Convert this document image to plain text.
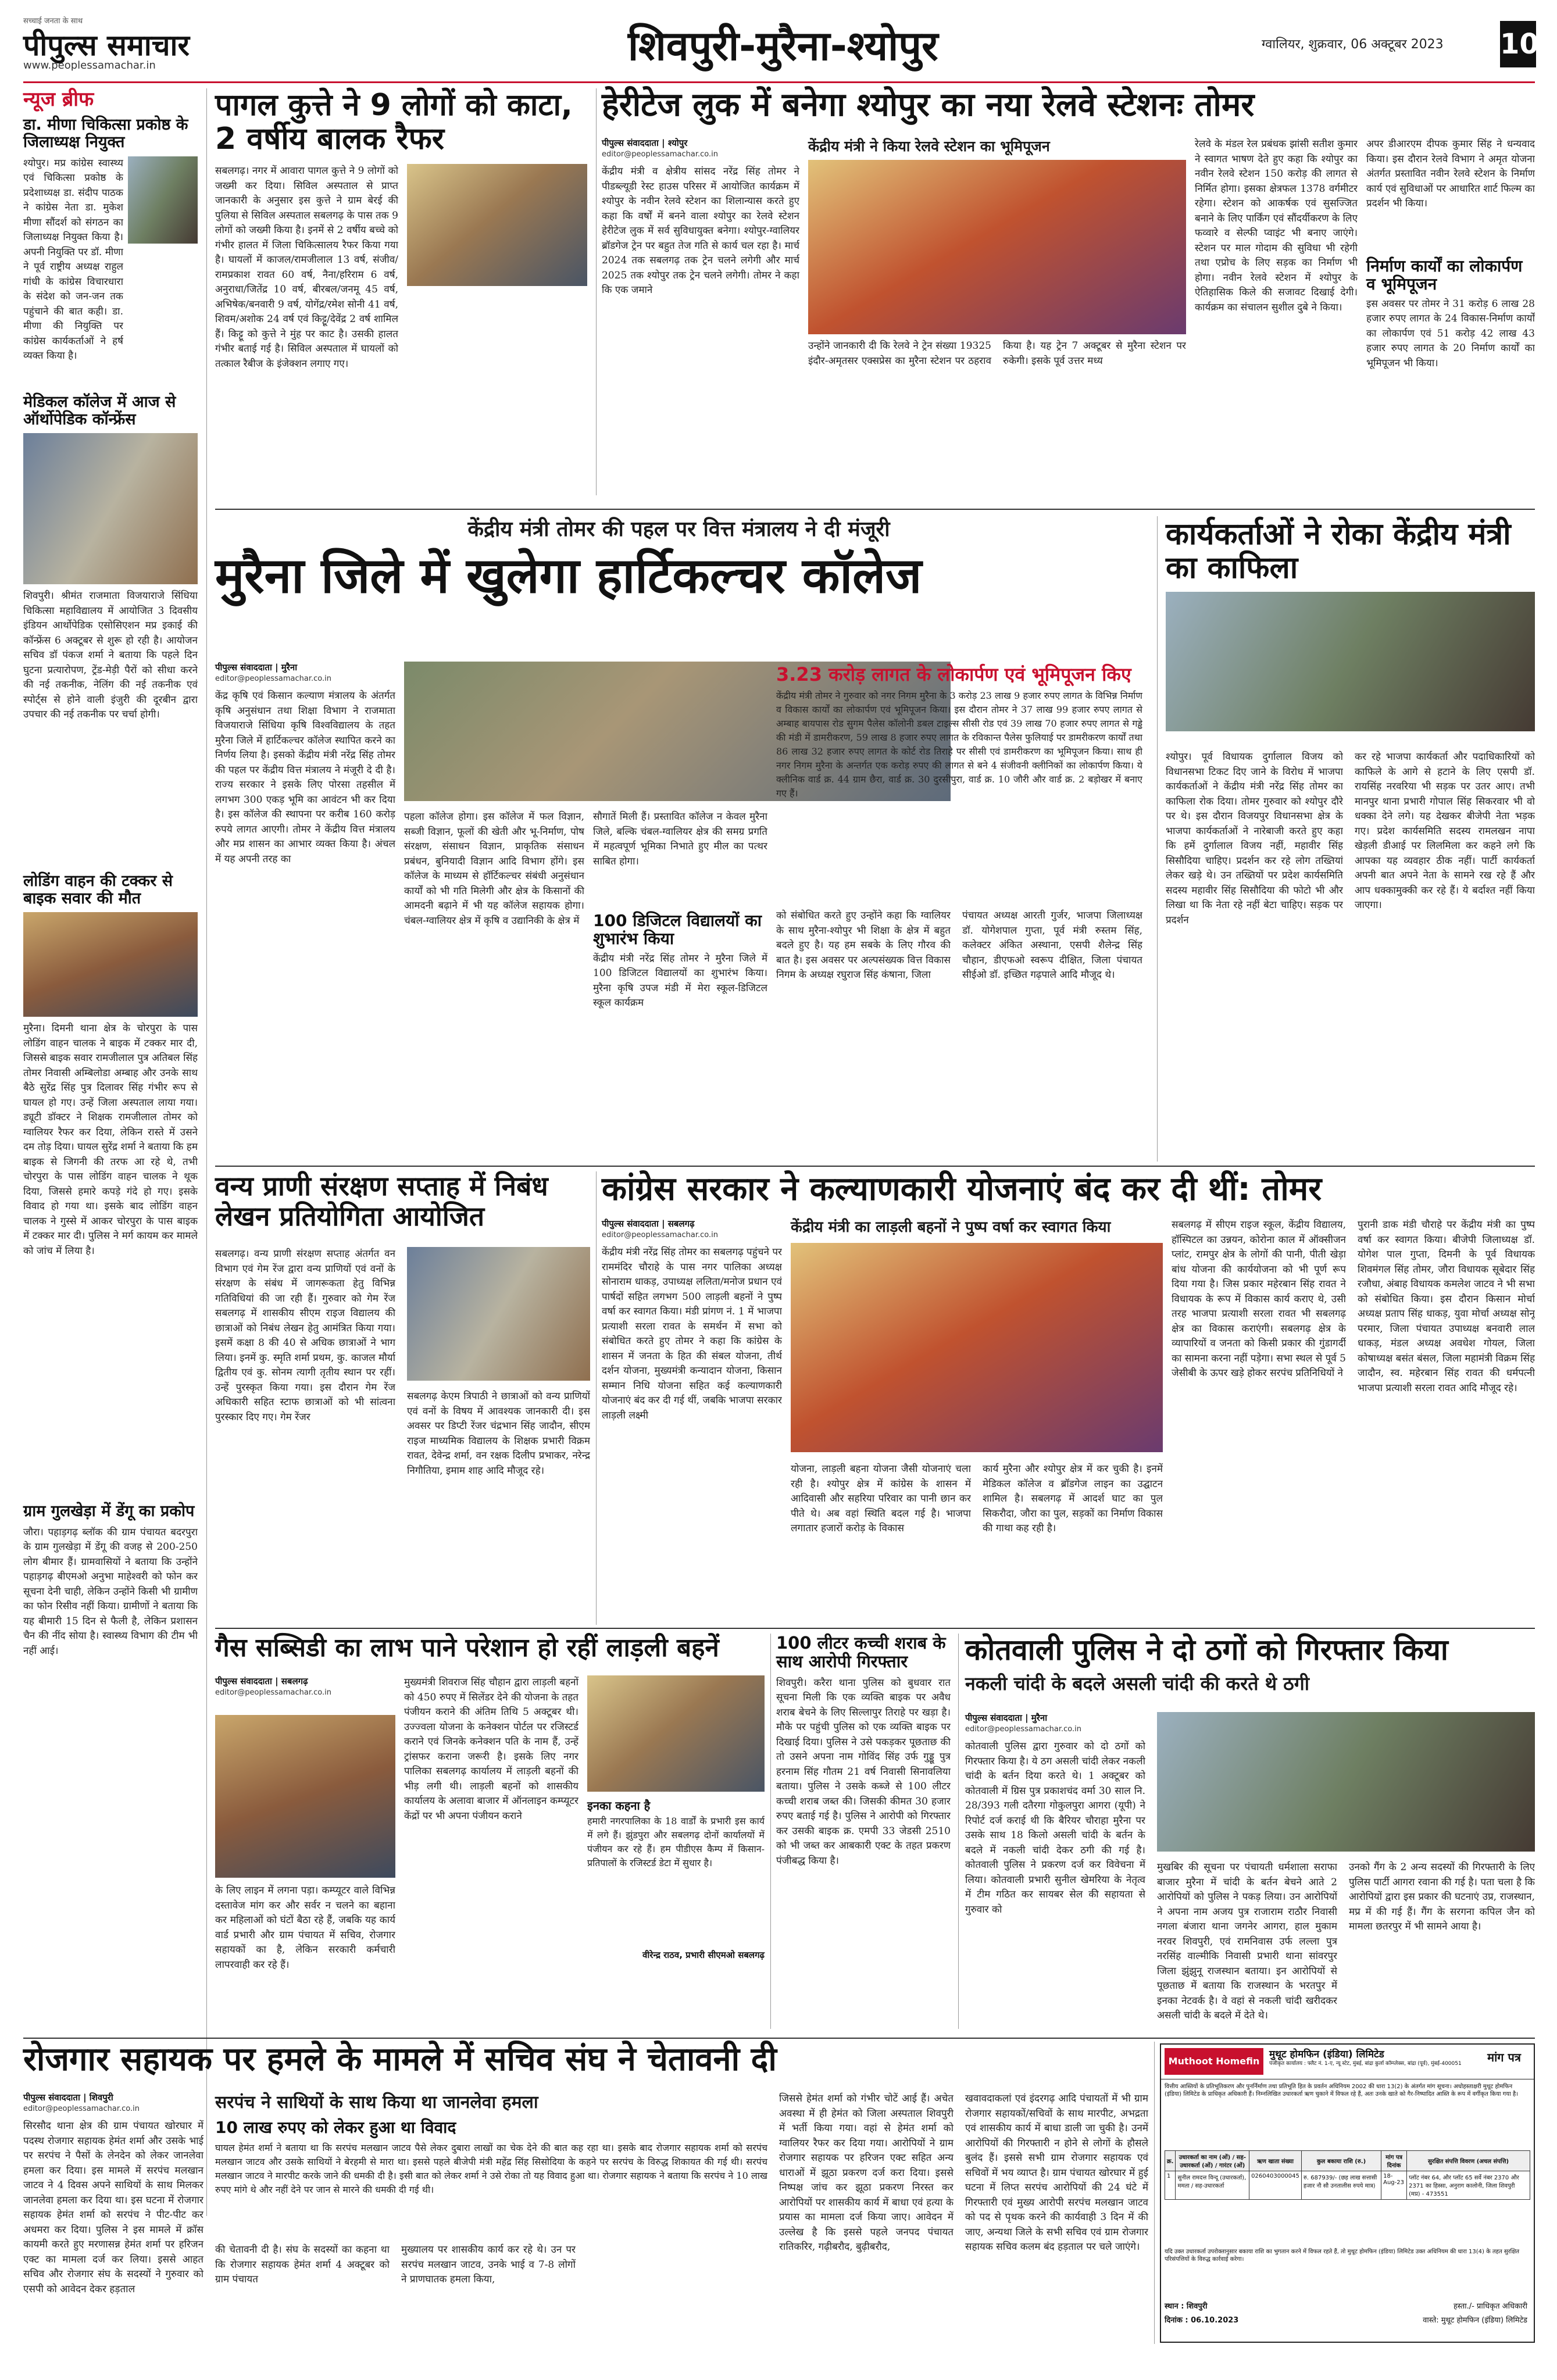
सच्चाई जनता के साथ
पीपुल्स समाचार
www.peoplessamachar.in	शिवपुरी-मुरैना-श्योपुर	ग्वालियर, शुक्रवार, 06 अक्टूबर 2023 10
न्यूज ब्रीफ
डा. मीणा चिकित्सा प्रकोष्ठ के जिलाध्यक्ष नियुक्त
श्योपुर। मप्र कांग्रेस स्वास्थ्य एवं चिकित्सा प्रकोष्ठ के प्रदेशाध्यक्ष डा. संदीप पाठक ने कांग्रेस नेता डा. मुकेश मीणा सौंदर्श को संगठन का जिलाध्यक्ष नियुक्त किया है। अपनी नियुक्ति पर डॉ. मीणा ने पूर्व राष्ट्रीय अध्यक्ष राहुल गांधी के कांग्रेस विचारधारा के संदेश को जन-जन तक पहुंचाने की बात कही। डा. मीणा की नियुक्ति पर कांग्रेस कार्यकर्ताओं ने हर्ष व्यक्त किया है।
मेडिकल कॉलेज में आज से ऑर्थोपेडिक कॉन्फ्रेंस
शिवपुरी। श्रीमंत राजमाता विजयाराजे सिंधिया चिकित्सा महाविद्यालय में आयोजित 3 दिवसीय इंडियन आर्थोपेडिक एसोसिएशन मप्र इकाई की कॉन्फ्रेंस 6 अक्टूबर से शुरू हो रही है। आयोजन सचिव डॉ पंकज शर्मा ने बताया कि पहले दिन घुटना प्रत्यारोपण, ट्रेंड-मेड़ी पैरों को सीधा करने की नई तकनीक, नेलिंग की नई तकनीक एवं स्पोर्ट्स से होने वाली इंजुरी की दूरबीन द्वारा उपचार की नई तकनीक पर चर्चा होगी।
लोडिंग वाहन की टक्कर से बाइक सवार की मौत
मुरैना। दिमनी थाना क्षेत्र के चोरपुरा के पास लोडिंग वाहन चालक ने बाइक में टक्कर मार दी, जिससे बाइक सवार रामजीलाल पुत्र अतिबल सिंह तोमर निवासी अम्बिलोडा अम्बाह और उनके साथ बैठे सुरेंद्र सिंह पुत्र दिलावर सिंह गंभीर रूप से घायल हो गए। उन्हें जिला अस्पताल लाया गया। ड्यूटी डॉक्टर ने शिक्षक रामजीलाल तोमर को ग्वालियर रैफर कर दिया, लेकिन रास्ते में उसने दम तोड़ दिया। घायल सुरेंद्र शर्मा ने बताया कि हम बाइक से जिगनी की तरफ आ रहे थे, तभी चोरपुरा के पास लोडिंग वाहन चालक ने थूक दिया, जिससे हमारे कपड़े गंदे हो गए। इसके विवाद हो गया था। इसके बाद लोडिंग वाहन चालक ने गुस्से में आकर चोरपुरा के पास बाइक में टक्कर मार दी। पुलिस ने मर्ग कायम कर मामले को जांच में लिया है।
ग्राम गुलखेड़ा में डेंगू का प्रकोप
जौरा। पहाड़गढ़ ब्लॉक की ग्राम पंचायत बदरपुरा के ग्राम गुलखेड़ा में डेंगू की वजह से 200-250 लोग बीमार हैं। ग्रामवासियों ने बताया कि उन्होंने पहाड़गढ़ बीएमओ अनुभा माहेश्वरी को फोन कर सूचना देनी चाही, लेकिन उन्होंने किसी भी ग्रामीण का फोन रिसीव नहीं किया। ग्रामीणों ने बताया कि यह बीमारी 15 दिन से फैली है, लेकिन प्रशासन चैन की नींद सोया है। स्वास्थ्य विभाग की टीम भी नहीं आई।
पागल कुत्ते ने 9 लोगों को काटा, 2 वर्षीय बालक रैफर
सबलगढ़। नगर में आवारा पागल कुत्ते ने 9 लोगों को जख्मी कर दिया। सिविल अस्पताल से प्राप्त जानकारी के अनुसार इस कुत्ते ने ग्राम बेरई की पुलिया से सिविल अस्पताल सबलगढ़ के पास तक 9 लोगों को जख्मी किया है। इनमें से 2 वर्षीय बच्चे को गंभीर हालत में जिला चिकित्सालय रैफर किया गया है। घायलों में काजल/रामजीलाल 13 वर्ष, संजीव/रामप्रकाश रावत 60 वर्ष, नैना/हरिराम 6 वर्ष, अनुराधा/जितेंद्र 10 वर्ष, बीरबल/जनमू 45 वर्ष, अभिषेक/बनवारी 9 वर्ष, योगेंद्र/रमेश सोनी 41 वर्ष, शिवम/अशोक 24 वर्ष एवं किट्टू/देवेंद्र 2 वर्ष शामिल हैं। किट्टू को कुत्ते ने मुंह पर काट है। उसकी हालत गंभीर बताई गई है। सिविल अस्पताल में घायलों को तत्काल रैबीज के इंजेक्शन लगाए गए।
हेरीटेज लुक में बनेगा श्योपुर का नया रेलवे स्टेशनः तोमर
पीपुल्स संवाददाता | श्योपुर
editor@peoplessamachar.co.in
केंद्रीय मंत्री व क्षेत्रीय सांसद नरेंद्र सिंह तोमर ने पीडब्ल्यूडी रेस्ट हाउस परिसर में आयोजित कार्यक्रम में श्योपुर के नवीन रेलवे स्टेशन का शिलान्यास करते हुए कहा कि वर्षों में बनने वाला श्योपुर का रेलवे स्टेशन हेरीटेज लुक में सर्व सुविधायुक्त बनेगा। श्योपुर-ग्वालियर ब्रॉडगेज ट्रेन पर बहुत तेज गति से कार्य चल रहा है। मार्च 2024 तक सबलगढ़ तक ट्रेन चलने लगेगी और मार्च 2025 तक श्योपुर तक ट्रेन चलने लगेगी। तोमर ने कहा कि एक जमाने
केंद्रीय मंत्री ने किया रेलवे स्टेशन का भूमिपूजन
उन्होंने जानकारी दी कि रेलवे ने ट्रेन संख्या 19325 इंदौर-अमृतसर एक्सप्रेस का मुरैना स्टेशन पर ठहराव किया है। यह ट्रेन 7 अक्टूबर से मुरैना स्टेशन पर रुकेगी। इसके पूर्व उत्तर मध्य
रेलवे के मंडल रेल प्रबंधक झांसी सतीश कुमार ने स्वागत भाषण देते हुए कहा कि श्योपुर का नवीन रेलवे स्टेशन 150 करोड़ की लागत से निर्मित होगा। इसका क्षेत्रफल 1378 वर्गमीटर रहेगा। स्टेशन को आकर्षक एवं सुसज्जित बनाने के लिए पार्किंग एवं सौंदर्यीकरण के लिए फव्वारे व सेल्फी प्वाइंट भी बनाए जाएंगे। स्टेशन पर माल गोदाम की सुविधा भी रहेगी तथा एप्रोच के लिए सड़क का निर्माण भी होगा। नवीन रेलवे स्टेशन में श्योपुर के ऐतिहासिक किले की सजावट दिखाई देगी। कार्यक्रम का संचालन सुशील दुबे ने किया।
अपर डीआरएम दीपक कुमार सिंह ने धन्यवाद किया। इस दौरान रेलवे विभाग ने अमृत योजना अंतर्गत प्रस्तावित नवीन रेलवे स्टेशन के निर्माण कार्य एवं सुविधाओं पर आधारित शार्ट फिल्म का प्रदर्शन भी किया।
निर्माण कार्यों का लोकार्पण व भूमिपूजन
इस अवसर पर तोमर ने 31 करोड़ 6 लाख 28 हजार रुपए लागत के 24 विकास-निर्माण कार्यों का लोकार्पण एवं 51 करोड़ 42 लाख 43 हजार रुपए लागत के 20 निर्माण कार्यों का भूमिपूजन भी किया।
केंद्रीय मंत्री तोमर की पहल पर वित्त मंत्रालय ने दी मंजूरी
मुरैना जिले में खुलेगा हार्टिकल्चर कॉलेज
पीपुल्स संवाददाता | मुरैना
editor@peoplessamachar.co.in
केंद्र कृषि एवं किसान कल्याण मंत्रालय के अंतर्गत कृषि अनुसंधान तथा शिक्षा विभाग ने राजमाता विजयाराजे सिंधिया कृषि विश्वविद्यालय के तहत मुरैना जिले में हार्टिकल्चर कॉलेज स्थापित करने का निर्णय लिया है। इसको केंद्रीय मंत्री नरेंद्र सिंह तोमर की पहल पर केंद्रीय वित्त मंत्रालय ने मंजूरी दे दी है। राज्य सरकार ने इसके लिए पोरसा तहसील में लगभग 300 एकड़ भूमि का आवंटन भी कर दिया है। इस कॉलेज की स्थापना पर करीब 160 करोड़ रुपये लागत आएगी। तोमर ने केंद्रीय वित्त मंत्रालय और मप्र शासन का आभार व्यक्त किया है। अंचल में यह अपनी तरह का
पहला कॉलेज होगा। इस कॉलेज में फल विज्ञान, सब्जी विज्ञान, फूलों की खेती और भू-निर्माण, पोष संरक्षण, संसाधन विज्ञान, प्राकृतिक संसाधन प्रबंधन, बुनियादी विज्ञान आदि विभाग होंगे। इस कॉलेज के माध्यम से हॉर्टिकल्चर संबंधी अनुसंधान कार्यों को भी गति मिलेगी और क्षेत्र के किसानों की आमदनी बढ़ाने में भी यह कॉलेज सहायक होगा। चंबल-ग्वालियर क्षेत्र में कृषि व उद्यानिकी के क्षेत्र में
सौगातें मिली हैं। प्रस्तावित कॉलेज न केवल मुरैना जिले, बल्कि चंबल-ग्वालियर क्षेत्र की समग्र प्रगति में महत्वपूर्ण भूमिका निभाते हुए मील का पत्थर साबित होगा।
100 डिजिटल विद्यालयों का शुभारंभ किया
केंद्रीय मंत्री नरेंद्र सिंह तोमर ने मुरैना जिले में 100 डिजिटल विद्यालयों का शुभारंभ किया। मुरैना कृषि उपज मंडी में मेरा स्कूल-डिजिटल स्कूल कार्यक्रम
3.23 करोड़ लागत के लोकार्पण एवं भूमिपूजन किए
केंद्रीय मंत्री तोमर ने गुरुवार को नगर निगम मुरैना के 3 करोड़ 23 लाख 9 हजार रुपए लागत के विभिन्न निर्माण व विकास कार्यों का लोकार्पण एवं भूमिपूजन किया। इस दौरान तोमर ने 37 लाख 99 हजार रुपए लागत से अम्बाह बायपास रोड सुगम पैलेस कॉलोनी डबल टाइल्स सीसी रोड एवं 39 लाख 70 हजार रुपए लागत से गड्ढे की मंडी में डामरीकरण, 59 लाख 8 हजार रुपए लागत के रविकान्त पैलेस फुलियाई पर डामरीकरण कार्यों तथा 86 लाख 32 हजार रुपए लागत के कोर्ट रोड तिराहे पर सीसी एवं डामरीकरण का भूमिपूजन किया। साथ ही नगर निगम मुरैना के अन्तर्गत एक करोड़ रुपए की लागत से बने 4 संजीवनी क्लीनिकों का लोकार्पण किया। ये क्लीनिक वार्ड क्र. 44 ग्राम छैरा, वार्ड क्र. 30 दुरसीपुरा, वार्ड क्र. 10 जौरी और वार्ड क्र. 2 बड़ोखर में बनाए गए हैं।
को संबोधित करते हुए उन्होंने कहा कि ग्वालियर के साथ मुरैना-श्योपुर भी शिक्षा के क्षेत्र में बहुत बदले हुए है। यह हम सबके के लिए गौरव की बात है। इस अवसर पर अल्पसंख्यक वित्त विकास निगम के अध्यक्ष रघुराज सिंह कंषाना, जिला
पंचायत अध्यक्ष आरती गुर्जर, भाजपा जिलाध्यक्ष डॉ. योगेशपाल गुप्ता, पूर्व मंत्री रुस्तम सिंह, कलेक्टर अंकित अस्थाना, एसपी शैलेन्द्र सिंह चौहान, डीएफओ स्वरूप दीक्षित, जिला पंचायत सीईओ डॉ. इच्छित गढ़पाले आदि मौजूद थे।
कार्यकर्ताओं ने रोका केंद्रीय मंत्री का काफिला
श्योपुर। पूर्व विधायक दुर्गालाल विजय को विधानसभा टिकट दिए जाने के विरोध में भाजपा कार्यकर्ताओं ने केंद्रीय मंत्री नरेंद्र सिंह तोमर का काफिला रोक दिया। तोमर गुरुवार को श्योपुर दौरे पर थे। इस दौरान विजयपुर विधानसभा क्षेत्र के भाजपा कार्यकर्ताओं ने नारेबाजी करते हुए कहा कि हमें दुर्गालाल विजय नहीं, महावीर सिंह सिसौदिया चाहिए। प्रदर्शन कर रहे लोग तख्तियां लेकर खड़े थे। उन तख्तियों पर प्रदेश कार्यसमिति सदस्य महावीर सिंह सिसौदिया की फोटो भी और लिखा था कि नेता रहे नहीं बेटा चाहिए। सड़क पर प्रदर्शन
कर रहे भाजपा कार्यकर्ता और पदाधिकारियों को काफिले के आगे से हटाने के लिए एसपी डॉ. रायसिंह नरवरिया भी सड़क पर उतर आए। तभी मानपुर थाना प्रभारी गोपाल सिंह सिकरवार भी वो धक्का देने लगे। यह देखकर बीजेपी नेता भड़क गए। प्रदेश कार्यसमिति सदस्य रामलखन नापा खेड़ली डीआई पर लिलमिला कर कहने लगे कि आपका यह व्यवहार ठीक नहीं। पार्टी कार्यकर्ता अपनी बात अपने नेता के सामने रख रहे हैं और आप धक्कामुक्की कर रहे हैं। ये बर्दाश्त नहीं किया जाएगा।
वन्य प्राणी संरक्षण सप्ताह में निबंध लेखन प्रतियोगिता आयोजित
सबलगढ़। वन्य प्राणी संरक्षण सप्ताह अंतर्गत वन विभाग एवं गेम रेंज द्वारा वन्य प्राणियों एवं वनों के संरक्षण के संबंध में जागरूकता हेतु विभिन्न गतिविधियां की जा रही हैं। गुरुवार को गेम रेंज सबलगढ़ में शासकीय सीएम राइज विद्यालय की छात्राओं को निबंध लेखन हेतु आमंत्रित किया गया। इसमें कक्षा 8 की 40 से अधिक छात्राओं ने भाग लिया। इनमें कु. स्मृति शर्मा प्रथम, कु. काजल मौर्या द्वितीय एवं कु. सोनम त्यागी तृतीय स्थान पर रहीं। उन्हें पुरस्कृत किया गया। इस दौरान गेम रेंज अधिकारी सहित स्टाफ छात्राओं को भी सांत्वना पुरस्कार दिए गए। गेम रेंजर
सबलगढ़ केएम त्रिपाठी ने छात्राओं को वन्य प्राणियों एवं वनों के विषय में आवश्यक जानकारी दी। इस अवसर पर डिप्टी रेंजर चंद्रभान सिंह जादौन, सीएम राइज माध्यमिक विद्यालय के शिक्षक प्रभारी विक्रम रावत, देवेन्द्र शर्मा, वन रक्षक दिलीप प्रभाकर, नरेन्द्र निगौतिया, इमाम शाह आदि मौजूद रहे।
कांग्रेस सरकार ने कल्याणकारी योजनाएं बंद कर दी थीं: तोमर
पीपुल्स संवाददाता | सबलगढ़
editor@peoplessamachar.co.in
केंद्रीय मंत्री नरेंद्र सिंह तोमर का सबलगढ़ पहुंचने पर राममंदिर चौराहे के पास नगर पालिका अध्यक्ष सोनाराम धाकड़, उपाध्यक्ष ललिता/मनोज प्रधान एवं पार्षदों सहित लगभग 500 लाड़ली बहनों ने पुष्प वर्षा कर स्वागत किया। मंडी प्रांगण नं. 1 में भाजपा प्रत्याशी सरला रावत के समर्थन में सभा को संबोधित करते हुए तोमर ने कहा कि कांग्रेस के शासन में जनता के हित की संबल योजना, तीर्थ दर्शन योजना, मुख्यमंत्री कन्यादान योजना, किसान सम्मान निधि योजना सहित कई कल्याणकारी योजनाएं बंद कर दी गई थीं, जबकि भाजपा सरकार लाड़ली लक्ष्मी
केंद्रीय मंत्री का लाड़ली बहनों ने पुष्प वर्षा कर स्वागत किया
योजना, लाड़ली बहना योजना जैसी योजनाएं चला रही है। श्योपुर क्षेत्र में कांग्रेस के शासन में आदिवासी और सहरिया परिवार का पानी छान कर पीते थे। अब वहां स्थिति बदल गई है। भाजपा लगातार हजारों करोड़ के विकास
कार्य मुरैना और श्योपुर क्षेत्र में कर चुकी है। इनमें मेडिकल कॉलेज व ब्रॉडगेज लाइन का उद्घाटन शामिल है। सबलगढ़ में आदर्श घाट का पुल सिकरौदा, जौरा का पुल, सड़कों का निर्माण विकास की गाथा कह रही है।
सबलगढ़ में सीएम राइज स्कूल, केंद्रीय विद्यालय, हॉस्पिटल का उन्नयन, कोरोना काल में ऑक्सीजन प्लांट, रामपुर क्षेत्र के लोगों की पानी, पीती खेड़ा बांध योजना की कार्ययोजना को भी पूर्ण रूप दिया गया है। जिस प्रकार महेरबान सिंह रावत ने विधायक के रूप में विकास कार्य कराए थे, उसी तरह भाजपा प्रत्याशी सरला रावत भी सबलगढ़ क्षेत्र का विकास कराएंगी। सबलगढ़ क्षेत्र के व्यापारियों व जनता को किसी प्रकार की गुंडागर्दी का सामना करना नहीं पड़ेगा। सभा स्थल से पूर्व 5 जेसीबी के ऊपर खड़े होकर सरपंच प्रतिनिधियों ने
पुरानी डाक मंडी चौराहे पर केंद्रीय मंत्री का पुष्प वर्षा कर स्वागत किया। बीजेपी जिलाध्यक्ष डॉ. योगेश पाल गुप्ता, दिमनी के पूर्व विधायक शिवमंगल सिंह तोमर, जौरा विधायक सूबेदार सिंह रजौधा, अंबाह विधायक कमलेश जाटव ने भी सभा को संबोधित किया। इस दौरान किसान मोर्चा अध्यक्ष प्रताप सिंह धाकड़, युवा मोर्चा अध्यक्ष सोनू परमार, जिला पंचायत उपाध्यक्ष बनवारी लाल धाकड़, मंडल अध्यक्ष अवधेश गोयल, जिला कोषाध्यक्ष बसंत बंसल, जिला महामंत्री विक्रम सिंह जादौन, स्व. महेरबान सिंह रावत की धर्मपत्नी भाजपा प्रत्याशी सरला रावत आदि मौजूद रहे।
गैस सब्सिडी का लाभ पाने परेशान हो रहीं लाड़ली बहनें
पीपुल्स संवाददाता | सबलगढ़
editor@peoplessamachar.co.in
मुख्यमंत्री शिवराज सिंह चौहान द्वारा लाड़ली बहनों को 450 रुपए में सिलेंडर देने की योजना के तहत पंजीयन कराने की अंतिम तिथि 5 अक्टूबर थी। उज्ज्वला योजना के कनेक्शन पोर्टल पर रजिस्टर्ड कराने एवं जिनके कनेक्शन पति के नाम हैं, उन्हें ट्रांसफर कराना जरूरी है। इसके लिए नगर पालिका सबलगढ़ कार्यालय में लाड़ली बहनों की भीड़ लगी थी। लाड़ली बहनों को शासकीय कार्यालय के अलावा बाजार में ऑनलाइन कम्प्यूटर केंद्रों पर भी अपना पंजीयन कराने
के लिए लाइन में लगना पड़ा। कम्प्यूटर वाले विभिन्न दस्तावेज मांग कर और सर्वर न चलने का बहाना कर महिलाओं को घंटों बैठा रहे हैं, जबकि यह कार्य वार्ड प्रभारी और ग्राम पंचायत में सचिव, रोजगार सहायकों का है, लेकिन सरकारी कर्मचारी लापरवाही कर रहे हैं।
इनका कहना है
हमारी नगरपालिका के 18 वार्डों के प्रभारी इस कार्य में लगे हैं। झुंडपुरा और सबलगढ़ दोनों कार्यालयों में पंजीयन कर रहे हैं। हम पीडीएस कैम्प में किसान-प्रतिपालों के रजिस्टर्ड डेटा में सुधार है।
वीरेन्द्र राठव, प्रभारी सीएमओ सबलगढ़
100 लीटर कच्ची शराब के साथ आरोपी गिरफ्तार
शिवपुरी। करैरा थाना पुलिस को बुधवार रात सूचना मिली कि एक व्यक्ति बाइक पर अवैध शराब बेचने के लिए सिल्लापुर तिराहे पर खड़ा है। मौके पर पहुंची पुलिस को एक व्यक्ति बाइक पर दिखाई दिया। पुलिस ने उसे पकड़कर पूछताछ की तो उसने अपना नाम गोविंद सिंह उर्फ गुड्डू पुत्र हरनाम सिंह गौतम 21 वर्ष निवासी सिनावलिया बताया। पुलिस ने उसके कब्जे से 100 लीटर कच्ची शराब जब्त की। जिसकी कीमत 30 हजार रुपए बताई गई है। पुलिस ने आरोपी को गिरफ्तार कर उसकी बाइक क्र. एमपी 33 जेडसी 2510 को भी जब्त कर आबकारी एक्ट के तहत प्रकरण पंजीबद्ध किया है।
कोतवाली पुलिस ने दो ठगों को गिरफ्तार किया
नकली चांदी के बदले असली चांदी की करते थे ठगी
पीपुल्स संवाददाता | मुरैना
editor@peoplessamachar.co.in
कोतवाली पुलिस द्वारा गुरुवार को दो ठगों को गिरफ्तार किया है। ये ठग असली चांदी लेकर नकली चांदी के बर्तन दिया करते थे। 1 अक्टूबर को कोतवाली में ग्रिस पुत्र प्रकाशचंद वर्मा 30 साल नि. 28/393 गली दतैरगा गोकुलपुरा आगरा (यूपी) ने रिपोर्ट दर्ज कराई थी कि बैरियर चौराहा मुरैना पर उसके साथ 18 किलो असली चांदी के बर्तन के बदले में नकली चांदी देकर ठगी की गई है। कोतवाली पुलिस ने प्रकरण दर्ज कर विवेचना में लिया। कोतवाली प्रभारी सुनील खेमरिया के नेतृत्व में टीम गठित कर सायबर सेल की सहायता से गुरुवार को
मुखबिर की सूचना पर पंचायती धर्मशाला सराफा बाजार मुरैना में चांदी के बर्तन बेचने आते 2 आरोपियों को पुलिस ने पकड़ लिया। उन आरोपियों ने अपना नाम अजय पुत्र राजाराम राठौर निवासी नगला बंजारा थाना जगनेर आगरा, हाल मुकाम नरवर शिवपुरी, एवं रामनिवास उर्फ लल्ला पुत्र नरसिंह वाल्मीकि निवासी प्रभारी थाना सांवरपुर जिला झुंझुनू राजस्थान बताया। इन आरोपियों से पूछताछ में बताया कि राजस्थान के भरतपुर में इनका नेटवर्क है। वे वहां से नकली चांदी खरीदकर असली चांदी के बदले में देते थे।
उनको गैंग के 2 अन्य सदस्यों की गिरफ्तारी के लिए पुलिस पार्टी आगरा रवाना की गई है। पता चला है कि आरोपियों द्वारा इस प्रकार की घटनाएं उप्र, राजस्थान, मप्र में की गई हैं। गैंग के सरगना कपिल जैन को मामला छतरपुर में भी सामने आया है।
रोजगार सहायक पर हमले के मामले में सचिव संघ ने चेतावनी दी
पीपुल्स संवाददाता | शिवपुरी
editor@peoplessamachar.co.in
सिरसौद थाना क्षेत्र की ग्राम पंचायत खोरघार में पदस्थ रोजगार सहायक हेमंत शर्मा और उसके भाई पर सरपंच ने पैसों के लेनदेन को लेकर जानलेवा हमला कर दिया। इस मामले में सरपंच मलखान जाटव ने 4 दिवस अपने साथियों के साथ मिलकर जानलेवा हमला कर दिया था। इस घटना में रोजगार सहायक हेमंत शर्मा को सरपंच ने पीट-पीट कर अधमरा कर दिया। पुलिस ने इस मामले में क्रॉस कायमी करते हुए मरणासन्न हेमंत शर्मा पर हरिजन एक्ट का मामला दर्ज कर लिया। इससे आहत सचिव और रोजगार संघ के सदस्यों ने गुरुवार को एसपी को आवेदन देकर हड़ताल
सरपंच ने साथियों के साथ किया था जानलेवा हमला
10 लाख रुपए को लेकर हुआ था विवाद
घायल हेमंत शर्मा ने बताया था कि सरपंच मलखान जाटव पैसे लेकर दुबारा लाखों का चेक देने की बात कह रहा था। इसके बाद रोजगार सहायक शर्मा को सरपंच मलखान जाटव और उसके साथियों ने बेरहमी से मारा था। इससे पहले बीजेपी मंत्री महेंद्र सिंह सिसोदिया के कहने पर सरपंच के विरुद्ध शिकायत की गई थी। सरपंच मलखान जाटव ने मारपीट करके जाने की धमकी दी है। इसी बात को लेकर शर्मा ने उसे रोका तो यह विवाद हुआ था। रोजगार सहायक ने बताया कि सरपंच ने 10 लाख रुपए मांगे थे और नहीं देने पर जान से मारने की धमकी दी गई थी।
की चेतावनी दी है। संघ के सदस्यों का कहना था कि रोजगार सहायक हेमंत शर्मा 4 अक्टूबर को ग्राम पंचायत
मुख्यालय पर शासकीय कार्य कर रहे थे। उन पर सरपंच मलखान जाटव, उनके भाई व 7-8 लोगों ने प्राणघातक हमला किया,
जिससे हेमंत शर्मा को गंभीर चोटें आई हैं। अचेत अवस्था में ही हेमंत को जिला अस्पताल शिवपुरी में भर्ती किया गया। वहां से हेमंत शर्मा को ग्वालियर रैफर कर दिया गया। आरोपियों ने ग्राम रोजगार सहायक पर हरिजन एक्ट सहित अन्य धाराओं में झूठा प्रकरण दर्ज करा दिया। इससे निष्पक्ष जांच कर झूठा प्रकरण निरस्त कर आरोपियों पर शासकीय कार्य में बाधा एवं हत्या के प्रयास का मामला दर्ज किया जाए। आवेदन में उल्लेख है कि इससे पहले जनपद पंचायत रातिकरिर, गढ़ीबरौद, बुढ़ीबरौद,
खवावदाकलां एवं इंदरगढ़ आदि पंचायतों में भी ग्राम रोजगार सहायकों/सचिवों के साथ मारपीट, अभद्रता एवं शासकीय कार्य में बाधा डाली जा चुकी है। उनमें आरोपियों की गिरफ्तारी न होने से लोगों के हौसले बुलंद हैं। इससे सभी ग्राम रोजगार सहायक एवं सचिवों में भय व्याप्त है। ग्राम पंचायत खोरघार में हुई घटना में लिप्त सरपंच आरोपियों की 24 घंटे में गिरफ्तारी एवं मुख्य आरोपी सरपंच मलखान जाटव को पद से पृथक करने की कार्यवाही 3 दिन में की जाए, अन्यथा जिले के सभी सचिव एवं ग्राम रोजगार सहायक सचिव कलम बंद हड़ताल पर चले जाएंगे।
Muthoot Homefin
मुथूट होमफिन (इंडिया) लिमिटेड
पंजीकृत कार्यालय : फ्लैट नं. 1-ए, न्यू स्टेट, मुंबई, बांद्रा कुर्ला कॉम्प्लेक्स, बांद्रा (पूर्व), मुंबई-400051	मांग पत्र
वित्तीय आस्तियों के प्रतिभूतिकरण और पुनर्निर्माण तथा प्रतिभूति हित के प्रवर्तन अधिनियम 2002 की धारा 13(2) के अंतर्गत मांग सूचना। अधोहस्ताक्षरी मुथूट होमफिन (इंडिया) लिमिटेड के प्राधिकृत अधिकारी हैं। निम्नलिखित उधारकर्ता ऋण चुकाने में विफल रहे हैं, अतः उनके खाते को गैर-निष्पादित आस्ति के रूप में वर्गीकृत किया गया है।
क्र.	उधारकर्ता का नाम (ओं) / सह-उधारकर्ता (ओं) / गारंटर (ओं)	ऋण खाता संख्या	कुल बकाया राशि (रु.)	मांग पत्र दिनांक	सुरक्षित संपत्ति विवरण (अचल संपत्ति)
1	सुनील रामदत्त विन्दू (उधारकर्ता), ममता / सह-उधारकर्ता	0260403000045	रु. 687939/- (छह लाख सत्तासी हजार नौ सौ उनतालीस रुपये मात्र)	18-Aug-23	प्लॉट नंबर 64, और प्लॉट 65 सर्वे नंबर 2370 और 2371 का हिस्सा, अनुराग कालोनी, जिला शिवपुरी (मप्र) - 473551
यदि उक्त उधारकर्ता उपरोक्तानुसार बकाया राशि का भुगतान करने में विफल रहते हैं, तो मुथूट होमफिन (इंडिया) लिमिटेड उक्त अधिनियम की धारा 13(4) के तहत सुरक्षित परिसंपत्तियों के विरुद्ध कार्रवाई करेगा।
स्थान : शिवपुरी
दिनांक : 06.10.2023
हस्ता./- प्राधिकृत अधिकारी
वास्ते: मुथूट होमफिन (इंडिया) लिमिटेड
